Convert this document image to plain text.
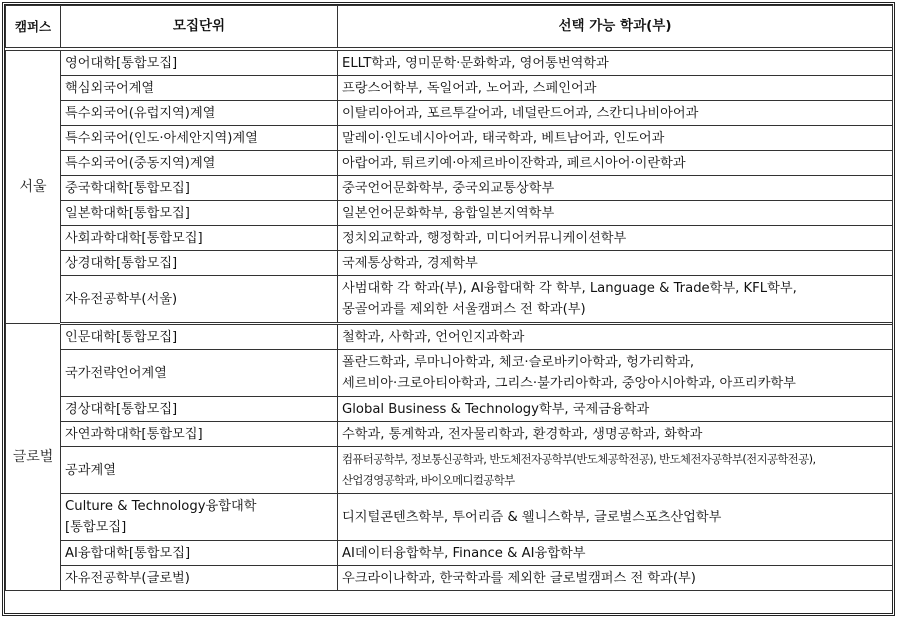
캠퍼스	모집단위	선택 가능 학과(부)
서울	영어대학[통합모집]	ELLT학과, 영미문학·문화학과, 영어통번역학과
	핵심외국어계열	프랑스어학부, 독일어과, 노어과, 스페인어과
	특수외국어(유럽지역)계열	이탈리아어과, 포르투갈어과, 네덜란드어과, 스칸디나비아어과
	특수외국어(인도·아세안지역)계열	말레이·인도네시아어과, 태국학과, 베트남어과, 인도어과
	특수외국어(중동지역)계열	아랍어과, 튀르키예·아제르바이잔학과, 페르시아어·이란학과
	중국학대학[통합모집]	중국언어문화학부, 중국외교통상학부
	일본학대학[통합모집]	일본언어문화학부, 융합일본지역학부
	사회과학대학[통합모집]	정치외교학과, 행정학과, 미디어커뮤니케이션학부
	상경대학[통합모집]	국제통상학과, 경제학부
	자유전공학부(서울)	사범대학 각 학과(부), AI융합대학 각 학부, Language & Trade학부, KFL학부,
몽골어과를 제외한 서울캠퍼스 전 학과(부)

글로벌	인문대학[통합모집]	철학과, 사학과, 언어인지과학과
	국가전략언어계열	폴란드학과, 루마니아학과, 체코·슬로바키아학과, 헝가리학과,
세르비아·크로아티아학과, 그리스·불가리아학과, 중앙아시아학과, 아프리카학부

	경상대학[통합모집]	Global Business & Technology학부, 국제금융학과
	자연과학대학[통합모집]	수학과, 통계학과, 전자물리학과, 환경학과, 생명공학과, 화학과
	공과계열	컴퓨터공학부, 정보통신공학과, 반도체전자공학부(반도체공학전공), 반도체전자공학부(전지공학전공),
산업경영공학과, 바이오메디컬공학부

	Culture & Technology융합대학
[통합모집]	디지털콘텐츠학부, 투어리즘 & 웰니스학부, 글로벌스포츠산업학부
	AI융합대학[통합모집]	AI데이터융합학부, Finance & AI융합학부
	자유전공학부(글로벌)	우크라이나학과, 한국학과를 제외한 글로벌캠퍼스 전 학과(부)
